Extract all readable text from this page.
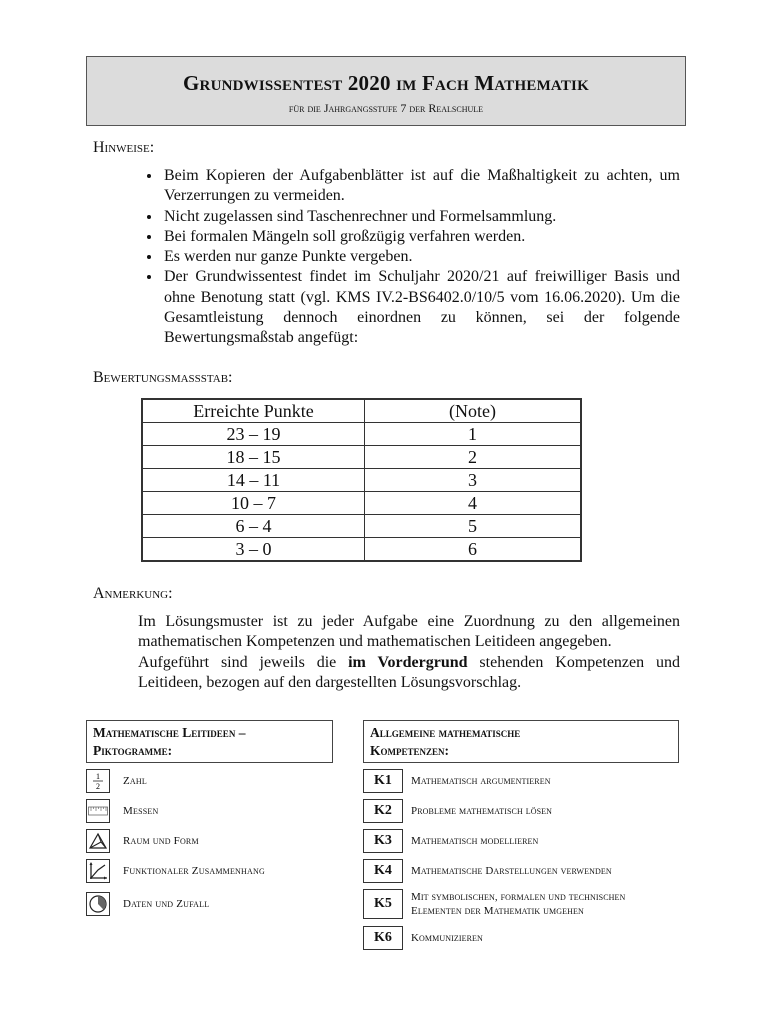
Grundwissentest 2020 im Fach Mathematik
für die Jahrgangsstufe 7 der Realschule
Hinweise:
• Beim Kopieren der Aufgabenblätter ist auf die Maßhaltigkeit zu achten, um Verzerrungen zu vermeiden.
• Nicht zugelassen sind Taschenrechner und Formelsammlung.
• Bei formalen Mängeln soll großzügig verfahren werden.
• Es werden nur ganze Punkte vergeben.
• Der Grundwissentest findet im Schuljahr 2020/21 auf freiwilliger Basis und ohne Benotung statt (vgl. KMS IV.2-BS6402.0/10/5 vom 16.06.2020). Um die Gesamtleistung dennoch einordnen zu können, sei der folgende Bewertungsmaßstab angefügt:
Bewertungsmaßstab:
Erreichte Punkte	(Note)
23 – 19	1
18 – 15	2
14 – 11	3
10 – 7	4
6 – 4	5
3 – 0	6
Anmerkung:

Im Lösungsmuster ist zu jeder Aufgabe eine Zuordnung zu den allgemeinen mathematischen Kompetenzen und mathematischen Leitideen angegeben.

Aufgeführt sind jeweils die im Vordergrund stehenden Kompetenzen und Leitideen, bezogen auf den dargestellten Lösungsvorschlag.

Mathematische Leitideen –
Piktogramme:
1
2 Zahl
Messen
Raum und Form
Funktionaler Zusammenhang
Daten und Zufall
Allgemeine mathematische
Kompetenzen:
K1	Mathematisch argumentieren
K2	Probleme mathematisch lösen
K3	Mathematisch modellieren
K4	Mathematische Darstellungen verwenden
K5	Mit symbolischen, formalen und technischen
Elementen der Mathematik umgehen
K6	Kommunizieren
